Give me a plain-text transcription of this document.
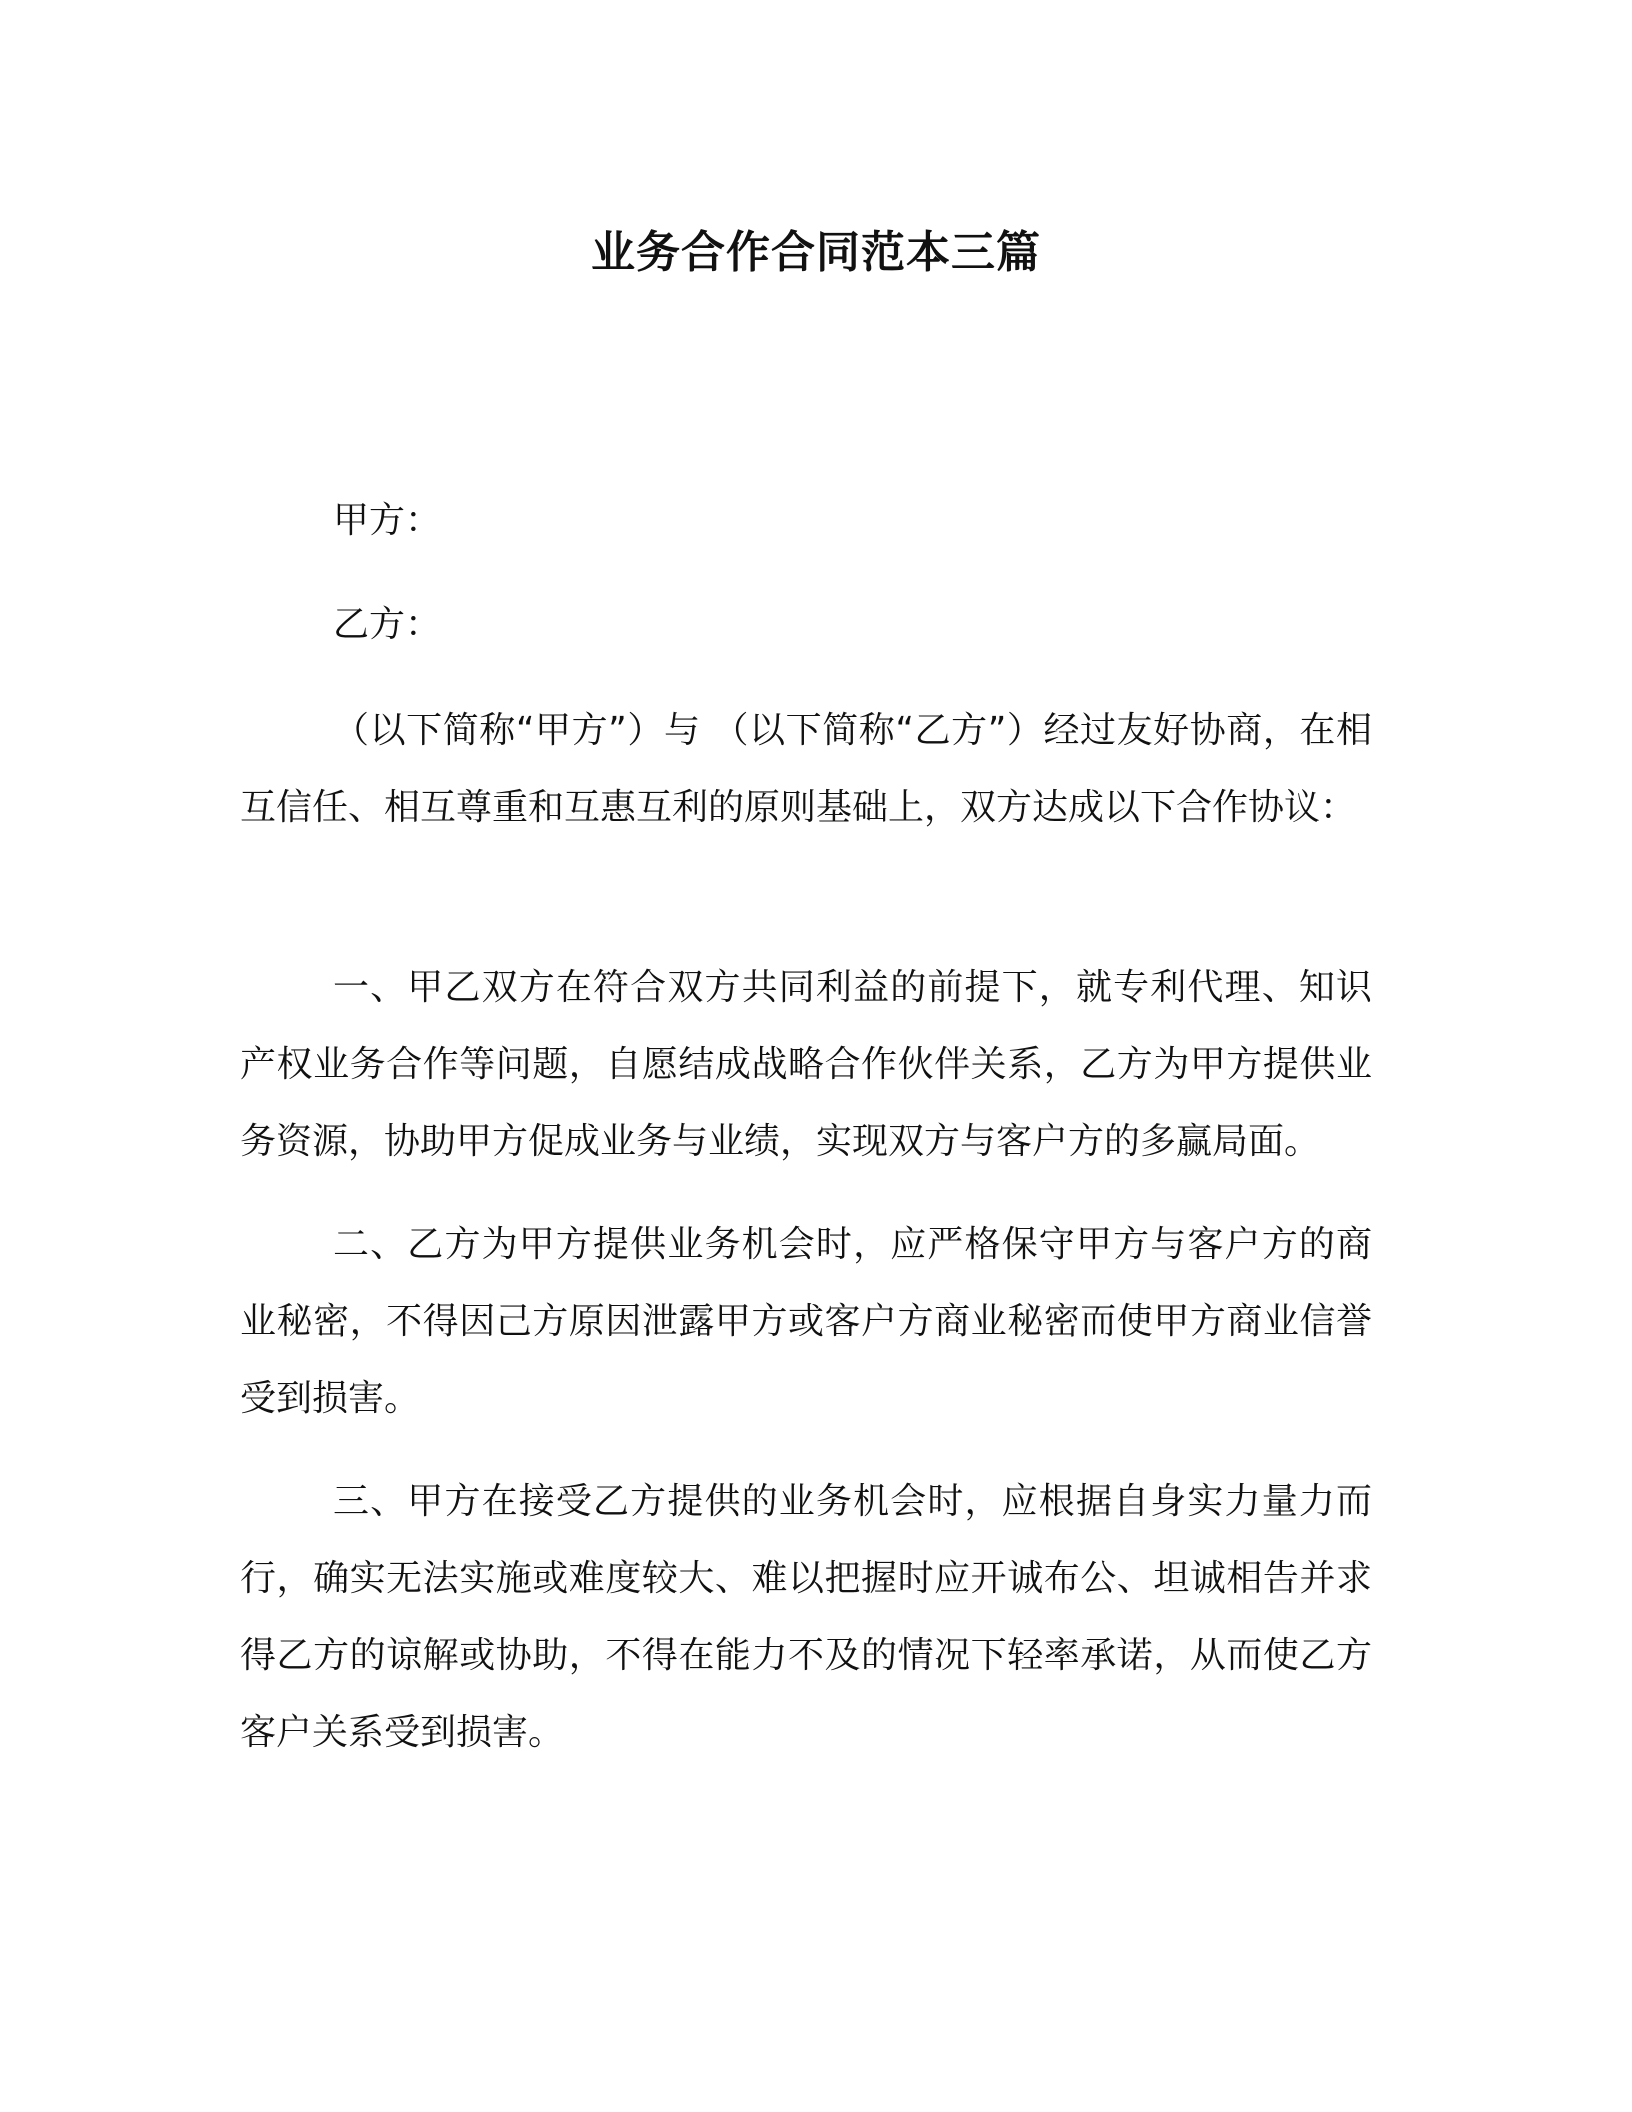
业务合作合同范本三篇
甲方：
乙方：

（以下简称“甲方”）与 （以下简称“乙方”）经过友好协商，在相互信任、相互尊重和互惠互利的原则基础上，双方达成以下合作协议：

一、甲乙双方在符合双方共同利益的前提下，就专利代理、知识产权业务合作等问题，自愿结成战略合作伙伴关系，乙方为甲方提供业务资源，协助甲方促成业务与业绩，实现双方与客户方的多赢局面。

二、乙方为甲方提供业务机会时，应严格保守甲方与客户方的商业秘密，不得因己方原因泄露甲方或客户方商业秘密而使甲方商业信誉受到损害。

三、甲方在接受乙方提供的业务机会时，应根据自身实力量力而行，确实无法实施或难度较大、难以把握时应开诚布公、坦诚相告并求得乙方的谅解或协助，不得在能力不及的情况下轻率承诺，从而使乙方客户关系受到损害。
